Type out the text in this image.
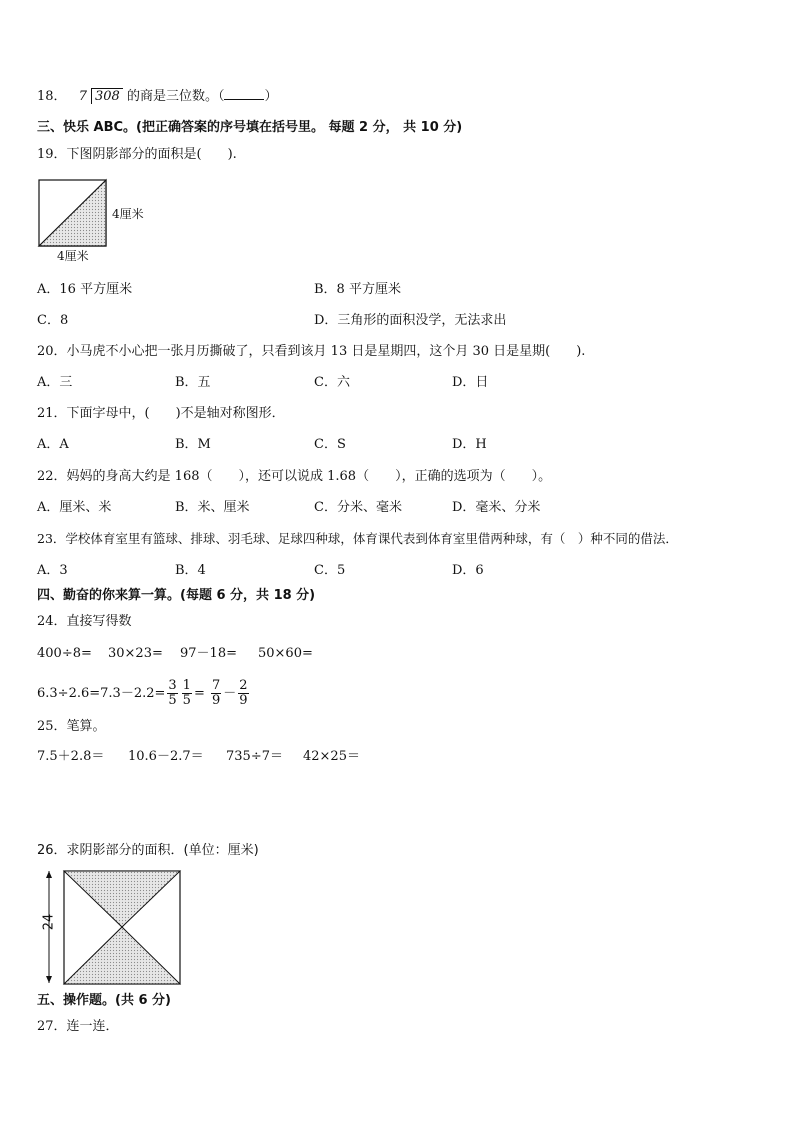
18． 7 308 的商是三位数。（	）
三、快乐 ABC。(把正确答案的序号填在括号里。 每题 2 分， 共 10 分)
19．下图阴影部分的面积是(　　).
4厘米
4厘米
A．16 平方厘米	B．8 平方厘米
C．8	D．三角形的面积没学，无法求出
20．小马虎不小心把一张月历撕破了，只看到该月 13 日是星期四，这个月 30 日是星期(　　).
A．三	B．五	C．六	D．日
21．下面字母中，(　　)不是轴对称图形．
A．A	B．M	C．S	D．H
22．妈妈的身高大约是 168（　　），还可以说成 1.68（　　），正确的选项为（　　）。
A．厘米、米	B．米、厘米	C．分米、毫米	D．毫米、分米
23．学校体育室里有篮球、排球、羽毛球、足球四种球，体育课代表到体育室里借两种球，有（　）种不同的借法．
A．3	B．4	C．5	D．6
四、勤奋的你来算一算。(每题 6 分，共 18 分)
24．直接写得数
400÷8= 30×23= 97－18= 50×60=
$6.3\div 2.6=7.3-2.2= \frac{3}{5} \frac{1}{5} = \frac{7}{9} - \frac{2}{9}$
25．笔算。
7.5＋2.8＝ 10.6－2.7＝ 735÷7＝ 42×25＝
26．求阴影部分的面积．(单位：厘米)
24
五、操作题。(共 6 分)
27．连一连．
